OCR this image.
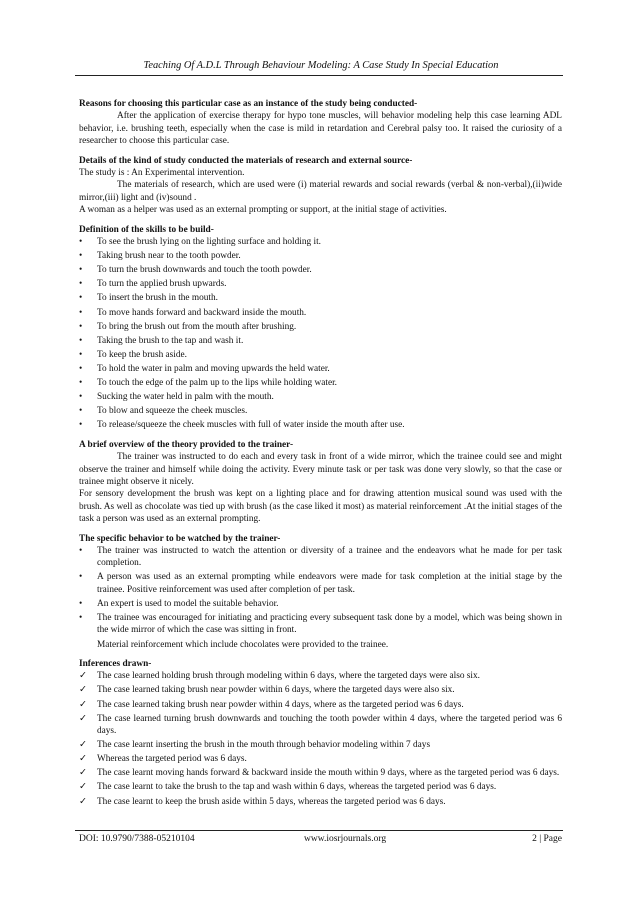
Teaching Of A.D.L Through Behaviour Modeling: A Case Study In Special Education

Reasons for choosing this particular case as an instance of the study being conducted-

After the application of exercise therapy for hypo tone muscles, will behavior modeling help this case learning ADL behavior, i.e. brushing teeth, especially when the case is mild in retardation and Cerebral palsy too. It raised the curiosity of a researcher to choose this particular case.

Details of the kind of study conducted the materials of research and external source-

The study is : An Experimental intervention.

The materials of research, which are used were (i) material rewards and social rewards (verbal & non-verbal),(ii)wide mirror,(iii) light and (iv)sound .

A woman as a helper was used as an external prompting or support, at the initial stage of activities.

Definition of the skills to be build-

•	To see the brush lying on the lighting surface and holding it.
•	Taking brush near to the tooth powder.
•	To turn the brush downwards and touch the tooth powder.
•	To turn the applied brush upwards.
•	To insert the brush in the mouth.
•	To move hands forward and backward inside the mouth.
•	To bring the brush out from the mouth after brushing.
•	Taking the brush to the tap and wash it.
•	To keep the brush aside.
•	To hold the water in palm and moving upwards the held water.
•	To touch the edge of the palm up to the lips while holding water.
•	Sucking the water held in palm with the mouth.
•	To blow and squeeze the cheek muscles.
•	To release/squeeze the cheek muscles with full of water inside the mouth after use.

A brief overview of the theory provided to the trainer-

The trainer was instructed to do each and every task in front of a wide mirror, which the trainee could see and might observe the trainer and himself while doing the activity. Every minute task or per task was done very slowly, so that the case or trainee might observe it nicely.

For sensory development the brush was kept on a lighting place and for drawing attention musical sound was used with the brush. As well as chocolate was tied up with brush (as the case liked it most) as material reinforcement .At the initial stages of the task a person was used as an external prompting.

The specific behavior to be watched by the trainer-

•	The trainer was instructed to watch the attention or diversity of a trainee and the endeavors what he made for per task completion.
•	A person was used as an external prompting while endeavors were made for task completion at the initial stage by the trainee. Positive reinforcement was used after completion of per task.
•	An expert is used to model the suitable behavior.
•	The trainee was encouraged for initiating and practicing every subsequent task done by a model, which was being shown in the wide mirror of which the case was sitting in front.

Material reinforcement which include chocolates were provided to the trainee.

Inferences drawn-

✓	The case learned holding brush through modeling within 6 days, where the targeted days were also six.
✓	The case learned taking brush near powder within 6 days, where the targeted days were also six.
✓	The case learned taking brush near powder within 4 days, where as the targeted period was 6 days.
✓	The case learned turning brush downwards and touching the tooth powder within 4 days, where the targeted period was 6 days.
✓	The case learnt inserting the brush in the mouth through behavior modeling within 7 days
✓	Whereas the targeted period was 6 days.
✓	The case learnt moving hands forward & backward inside the mouth within 9 days, where as the targeted period was 6 days.
✓	The case learnt to take the brush to the tap and wash within 6 days, whereas the targeted period was 6 days.
✓	The case learnt to keep the brush aside within 5 days, whereas the targeted period was 6 days.
DOI: 10.9790/7388-05210104	www.iosrjournals.org	2 | Page
